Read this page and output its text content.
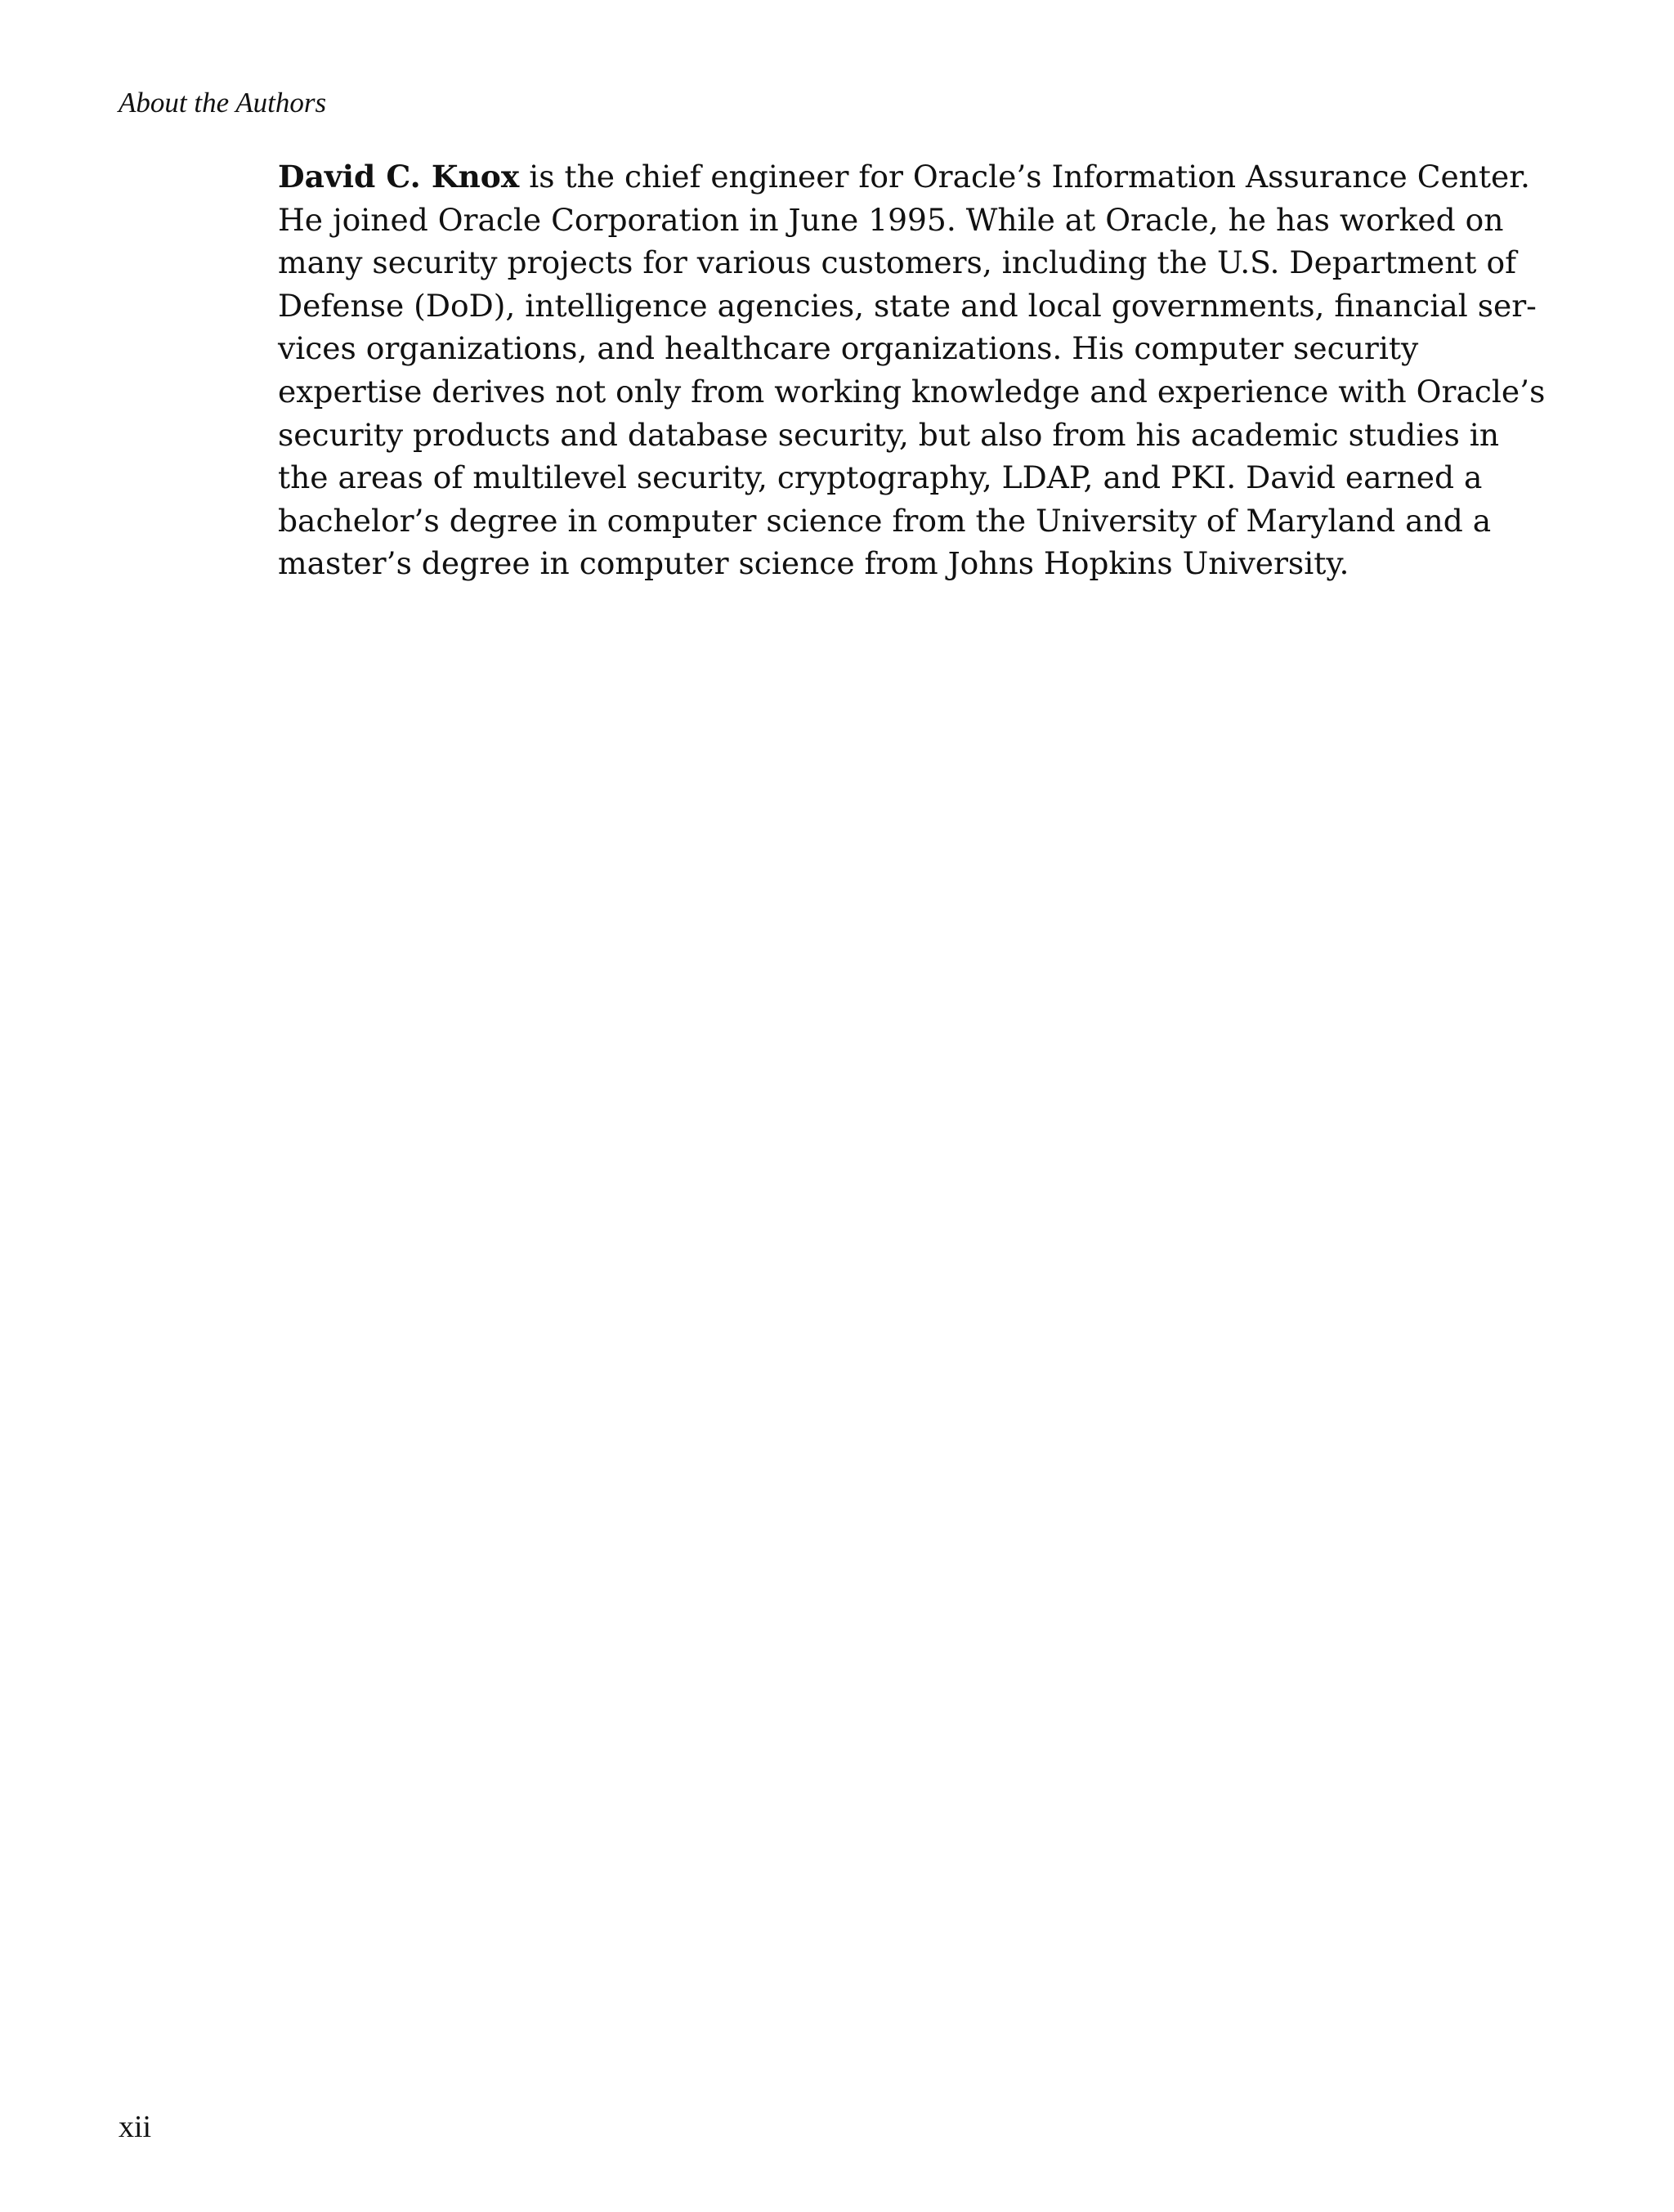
About the Authors
David C. Knox is the chief engineer for Oracle’s Information Assurance Center.
He joined Oracle Corporation in June 1995. While at Oracle, he has worked on
many security projects for various customers, including the U.S. Department of
Defense (DoD), intelligence agencies, state and local governments, financial ser-
vices organizations, and healthcare organizations. His computer security
expertise derives not only from working knowledge and experience with Oracle’s
security products and database security, but also from his academic studies in
the areas of multilevel security, cryptography, LDAP, and PKI. David earned a
bachelor’s degree in computer science from the University of Maryland and a
master’s degree in computer science from Johns Hopkins University.
xii
